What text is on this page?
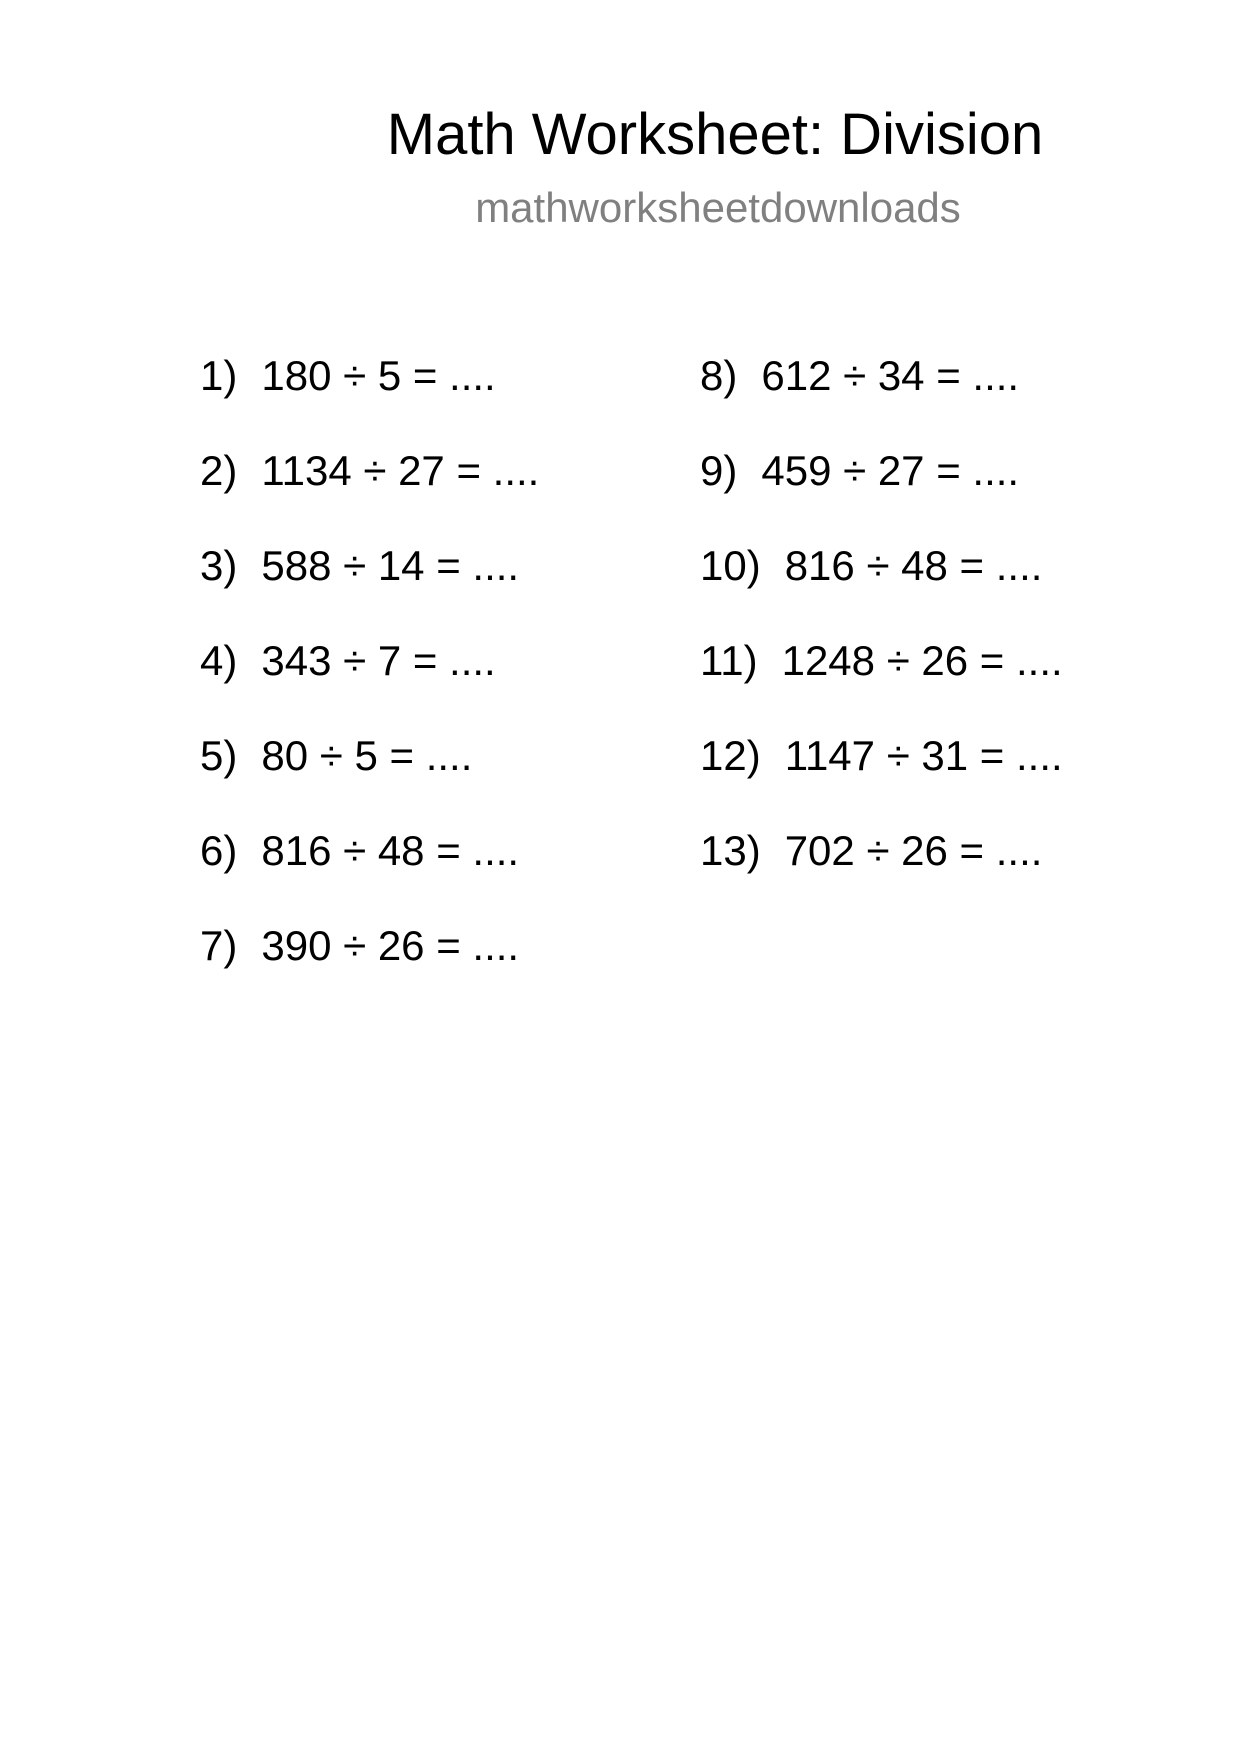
Math Worksheet: Division
mathworksheetdownloads
1) 180 ÷ 5 = ....
2) 1134 ÷ 27 = ....
3) 588 ÷ 14 = ....
4) 343 ÷ 7 = ....
5) 80 ÷ 5 = ....
6) 816 ÷ 48 = ....
7) 390 ÷ 26 = ....
8) 612 ÷ 34 = ....
9) 459 ÷ 27 = ....
10) 816 ÷ 48 = ....
11) 1248 ÷ 26 = ....
12) 1147 ÷ 31 = ....
13) 702 ÷ 26 = ....
